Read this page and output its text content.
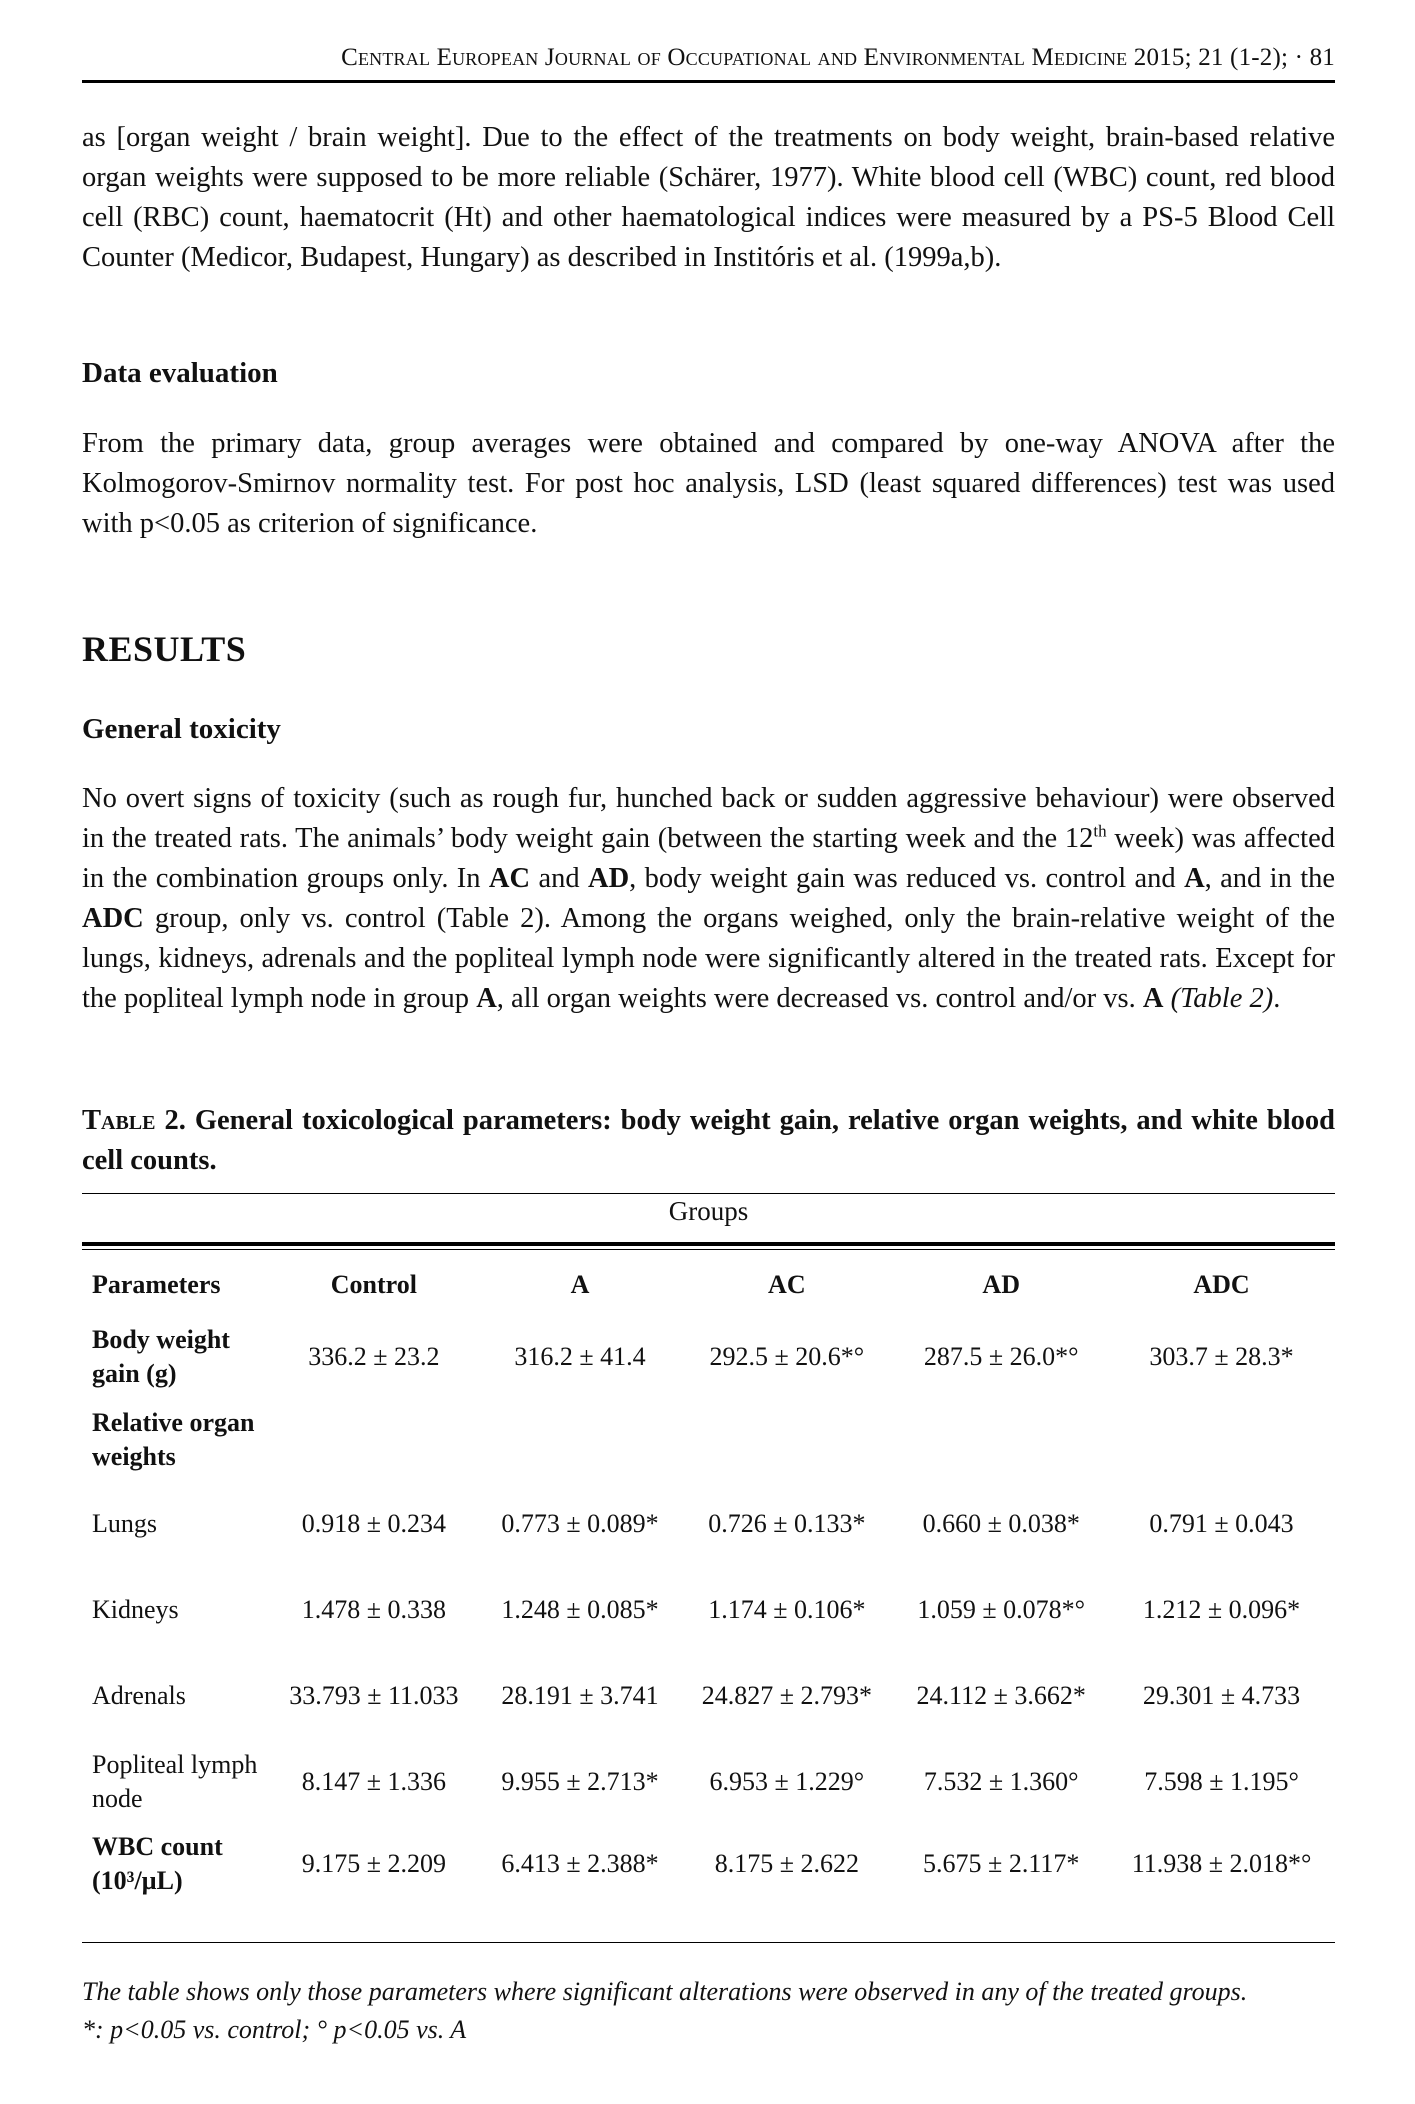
Central European Journal of Occupational and Environmental Medicine 2015; 21 (1-2); · 81

as [organ weight / brain weight]. Due to the effect of the treatments on body weight, brain-based relative organ weights were supposed to be more reliable (Schärer, 1977). White blood cell (WBC) count, red blood cell (RBC) count, haematocrit (Ht) and other haematological indices were measured by a PS-5 Blood Cell Counter (Medicor, Budapest, Hungary) as described in Institóris et al. (1999a,b).

Data evaluation

From the primary data, group averages were obtained and compared by one-way ANOVA after the Kolmogorov-Smirnov normality test. For post hoc analysis, LSD (least squared differences) test was used with p<0.05 as criterion of significance.

RESULTS
General toxicity

No overt signs of toxicity (such as rough fur, hunched back or sudden aggressive behaviour) were observed in the treated rats. The animals’ body weight gain (between the starting week and the 12th week) was affected in the combination groups only. In AC and AD, body weight gain was reduced vs. control and A, and in the ADC group, only vs. control (Table 2). Among the organs weighed, only the brain-relative weight of the lungs, kidneys, adrenals and the popliteal lymph node were significantly altered in the treated rats. Except for the popliteal lymph node in group A, all organ weights were decreased vs. control and/or vs. A (Table 2).

Table 2. General toxicological parameters: body weight gain, relative organ weights, and white blood cell counts.

Groups
Parameters	Control	A	AC	AD	ADC
Body weight gain (g)	336.2 ± 23.2	316.2 ± 41.4	292.5 ± 20.6*°	287.5 ± 26.0*°	303.7 ± 28.3*
Relative organ weights					
Lungs	0.918 ± 0.234	0.773 ± 0.089*	0.726 ± 0.133*	0.660 ± 0.038*	0.791 ± 0.043
Kidneys	1.478 ± 0.338	1.248 ± 0.085*	1.174 ± 0.106*	1.059 ± 0.078*°	1.212 ± 0.096*
Adrenals	33.793 ± 11.033	28.191 ± 3.741	24.827 ± 2.793*	24.112 ± 3.662*	29.301 ± 4.733
Popliteal lymph node	8.147 ± 1.336	9.955 ± 2.713*	6.953 ± 1.229°	7.532 ± 1.360°	7.598 ± 1.195°
WBC count (10³/µL)	9.175 ± 2.209	6.413 ± 2.388*	8.175 ± 2.622	5.675 ± 2.117*	11.938 ± 2.018*°

The table shows only those parameters where significant alterations were observed in any of the treated groups.

*: p<0.05 vs. control; ° p<0.05 vs. A
